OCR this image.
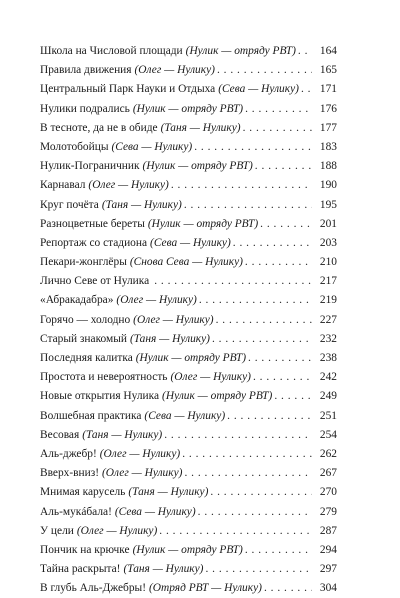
Школа на Числовой площади (Нулик — отряду РВТ) . . .	164
Правила движения (Олег — Нулику) . . .	165
Центральный Парк Науки и Отдыха (Сева — Нулику) . . .	171
Нулики подрались (Нулик — отряду РВТ) . . .	176
В тесноте, да не в обиде (Таня — Нулику) . . .	177
Молотобойцы (Сева — Нулику) . . .	183
Нулик-Пограничник (Нулик — отряду РВТ) . . .	188
Карнавал (Олег — Нулику) . . .	190
Круг почёта (Таня — Нулику) . . .	195
Разноцветные береты (Нулик — отряду РВТ) . . .	201
Репортаж со стадиона (Сева — Нулику) . . .	203
Пекари-жонглёры (Снова Сева — Нулику) . . .	210
Лично Севе от Нулика . . .	217
«Абракадабра» (Олег — Нулику) . . .	219
Горячо — холодно (Олег — Нулику) . . .	227
Старый знакомый (Таня — Нулику) . . .	232
Последняя калитка (Нулик — отряду РВТ) . . .	238
Простота и невероятность (Олег — Нулику) . . .	242
Новые открытия Нулика (Нулик — отряду РВТ) . . .	249
Волшебная практика (Сева — Нулику) . . .	251
Весовая (Таня — Нулику) . . .	254
Аль-джебр! (Олег — Нулику) . . .	262
Вверх-вниз! (Олег — Нулику) . . .	267
Мнимая карусель (Таня — Нулику) . . .	270
Аль-мукáбала! (Сева — Нулику) . . .	279
У цели (Олег — Нулику) . . .	287
Пончик на крючке (Нулик — отряду РВТ) . . .	294
Тайна раскрыта! (Таня — Нулику) . . .	297
В глубь Аль-Джебры! (Отряд РВТ — Нулику) . . .	304
